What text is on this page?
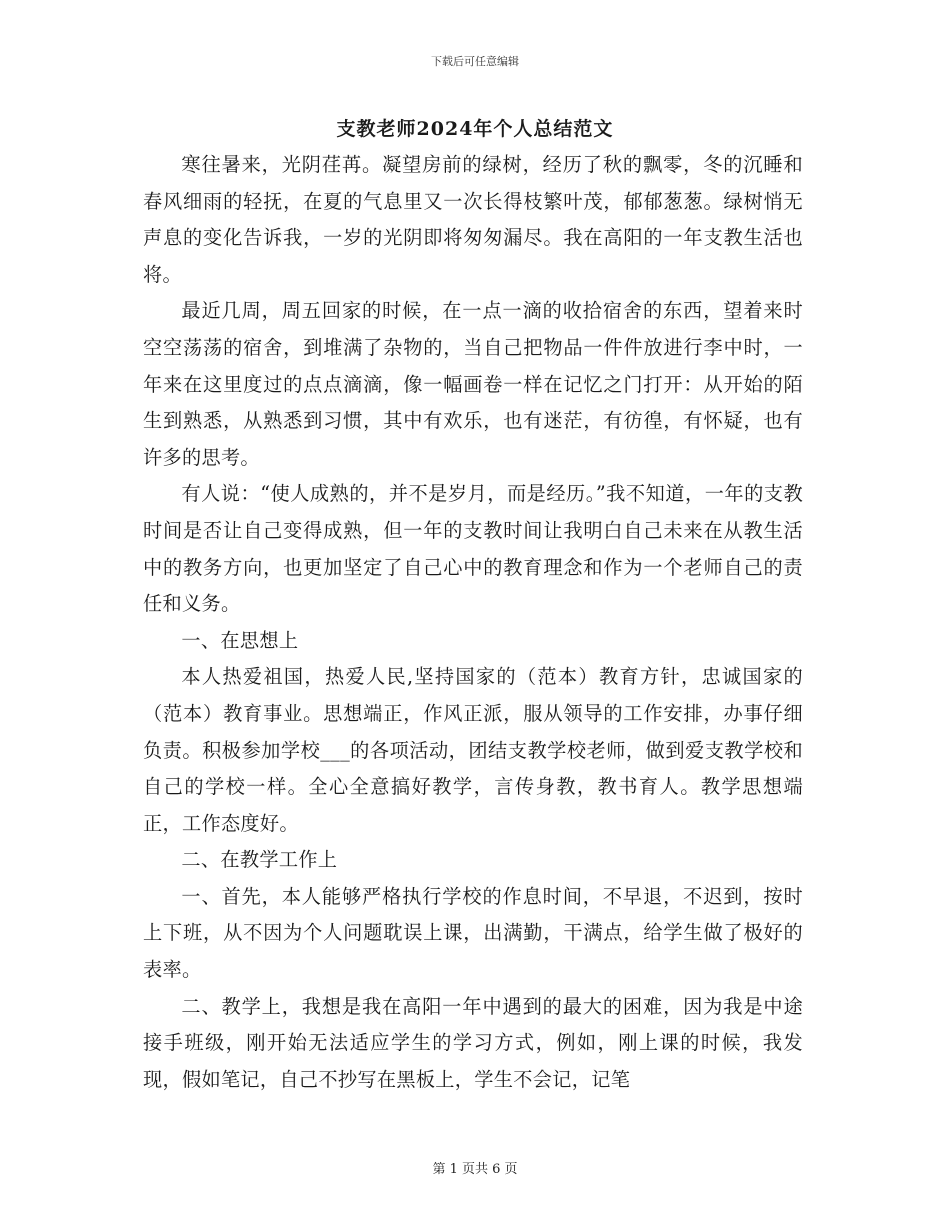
下载后可任意编辑
支教老师2024年个人总结范文

寒往暑来，光阴荏苒。凝望房前的绿树，经历了秋的飘零，冬的沉睡和春风细雨的轻抚，在夏的气息里又一次长得枝繁叶茂，郁郁葱葱。绿树悄无声息的变化告诉我，一岁的光阴即将匆匆漏尽。我在高阳的一年支教生活也将。

最近几周，周五回家的时候，在一点一滴的收拾宿舍的东西，望着来时空空荡荡的宿舍，到堆满了杂物的，当自己把物品一件件放进行李中时，一年来在这里度过的点点滴滴，像一幅画卷一样在记忆之门打开：从开始的陌生到熟悉，从熟悉到习惯，其中有欢乐，也有迷茫，有彷徨，有怀疑，也有许多的思考。

有人说：“使人成熟的，并不是岁月，而是经历。”我不知道，一年的支教时间是否让自己变得成熟，但一年的支教时间让我明白自己未来在从教生活中的教务方向，也更加坚定了自己心中的教育理念和作为一个老师自己的责任和义务。

一、在思想上

本人热爱祖国，热爱人民,坚持国家的（范本）教育方针，忠诚国家的（范本）教育事业。思想端正，作风正派，服从领导的工作安排，办事仔细负责。积极参加学校___的各项活动，团结支教学校老师，做到爱支教学校和自己的学校一样。全心全意搞好教学，言传身教，教书育人。教学思想端正，工作态度好。

二、在教学工作上

一、首先，本人能够严格执行学校的作息时间，不早退，不迟到，按时上下班，从不因为个人问题耽误上课，出满勤，干满点，给学生做了极好的表率。

二、教学上，我想是我在高阳一年中遇到的最大的困难，因为我是中途接手班级，刚开始无法适应学生的学习方式，例如，刚上课的时候，我发现，假如笔记，自己不抄写在黑板上，学生不会记，记笔

第 1 页共 6 页
